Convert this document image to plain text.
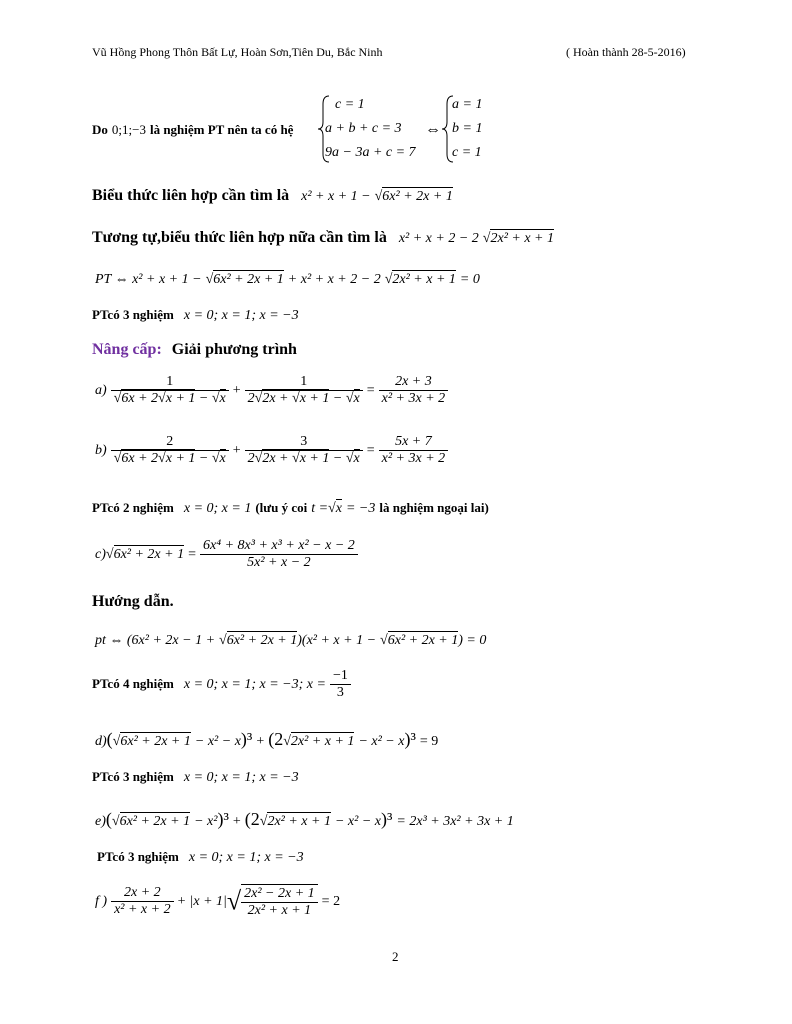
Vũ Hồng Phong Thôn Bất Lự, Hoàn Sơn,Tiên Du, Bắc Ninh	( Hoàn thành 28-5-2016)
Do 0;1;−3 là nghiệm PT nên ta có hệ
c = 1
a + b + c = 3
9a − 3a + c = 7
⇔
a = 1
b = 1
c = 1
Biểu thức liên hợp cần tìm là x² + x + 1 − √6x² + 2x + 1
Tương tự,biểu thức liên hợp nữa cần tìm là x² + x + 2 − 2 √2x² + x + 1
PT ⇔ x² + x + 1 − √6x² + 2x + 1 + x² + x + 2 − 2 √2x² + x + 1 = 0
PTcó 3 nghiệm x = 0; x = 1; x = −3
Nâng cấp: Giải phương trình
$a) \frac{1}{√6x + 2√x + 1 - √x} + \frac{1}{2√2x + √x + 1 - √x} = \frac{2x + 3}{\text{x² + 3x + 2}}$
$b) \frac{2}{√6x + 2√x + 1 - √x} + \frac{3}{2√2x + √x + 1 - √x} = \frac{5x + 7}{\text{x² + 3x + 2}}$
PTcó 2 nghiệm x = 0; x = 1 (lưu ý coi t =√x = −3 là nghiệm ngoại lai)
$c)√6x^2 + 2x + 1 = \frac{\text{6x⁴ + 8x³ + x³ + x² − x − 2}}{\text{5x² + x − 2}}$
Hướng dẫn.
pt ⇔ (6x² + 2x − 1 + √6x² + 2x + 1)(x² + x + 1 − √6x² + 2x + 1) = 0
PTcó 4 nghiệm x = 0; x = 1; x = −3; $x = \frac{-1}{3}$
d)(√6x² + 2x + 1 − x² − x)³ + (2√2x² + x + 1 − x² − x)³ = 9
PTcó 3 nghiệm x = 0; x = 1; x = −3
e)(√6x² + 2x + 1 − x²)³ + (2√2x² + x + 1 − x² − x)³ = 2x³ + 3x² + 3x + 1
PTcó 3 nghiệm x = 0; x = 1; x = −3
f ) $\frac{2x + 2}{\text{x² + x + 2}} + |x + 1|√ \frac{\text{2x² − 2x + 1}}{\text{2x² + x + 1}} = 2$
2
